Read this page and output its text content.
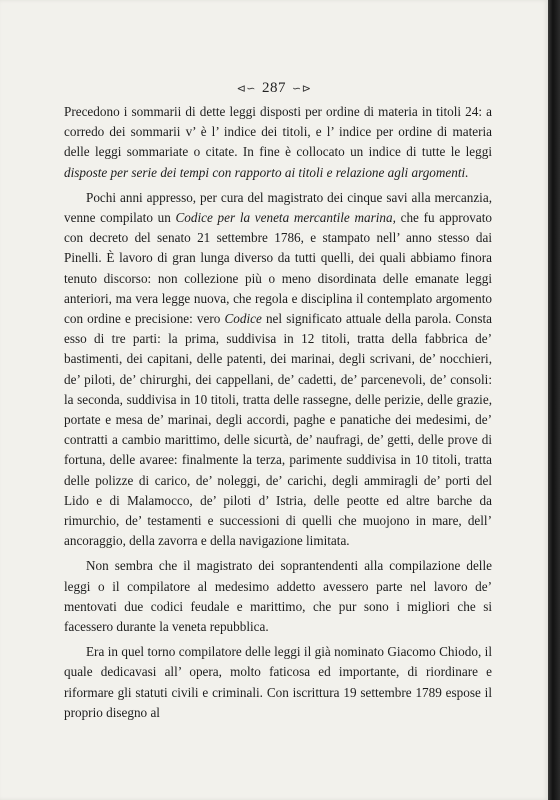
⊲∽ 287 ∽⊳

Precedono i sommarii di dette leggi disposti per ordine di materia in titoli 24: a corredo dei sommarii v’ è l’ indice dei titoli, e l’ indice per ordine di materia delle leggi sommariate o citate. In fine è collocato un indice di tutte le leggi disposte per serie dei tempi con rapporto ai titoli e relazione agli argomenti.

Pochi anni appresso, per cura del magistrato dei cinque savi alla mercanzia, venne compilato un Codice per la veneta mercantile marina, che fu approvato con decreto del senato 21 settembre 1786, e stampato nell’ anno stesso dai Pinelli. È lavoro di gran lunga diverso da tutti quelli, dei quali abbiamo finora tenuto discorso: non collezione più o meno disordinata delle emanate leggi anteriori, ma vera legge nuova, che regola e disciplina il contemplato argomento con ordine e precisione: vero Codice nel significato attuale della parola. Consta esso di tre parti: la prima, suddivisa in 12 titoli, tratta della fabbrica de’ bastimenti, dei capitani, delle patenti, dei marinai, degli scrivani, de’ nocchieri, de’ piloti, de’ chirurghi, dei cappellani, de’ cadetti, de’ parcenevoli, de’ consoli: la seconda, suddivisa in 10 titoli, tratta delle rassegne, delle perizie, delle grazie, portate e mesa de’ marinai, degli accordi, paghe e panatiche dei medesimi, de’ contratti a cambio marittimo, delle sicurtà, de’ naufragi, de’ getti, delle prove di fortuna, delle avaree: finalmente la terza, parimente suddivisa in 10 titoli, tratta delle polizze di carico, de’ noleggi, de’ carichi, degli ammiragli de’ porti del Lido e di Malamocco, de’ piloti d’ Istria, delle peotte ed altre barche da rimurchio, de’ testamenti e successioni di quelli che muojono in mare, dell’ ancoraggio, della zavorra e della navigazione limitata.

Non sembra che il magistrato dei soprantendenti alla compilazione delle leggi o il compilatore al medesimo addetto avessero parte nel lavoro de’ mentovati due codici feudale e marittimo, che pur sono i migliori che si facessero durante la veneta repubblica.

Era in quel torno compilatore delle leggi il già nominato Giacomo Chiodo, il quale dedicavasi all’ opera, molto faticosa ed importante, di riordinare e riformare gli statuti civili e criminali. Con iscrittura 19 settembre 1789 espose il proprio disegno al
